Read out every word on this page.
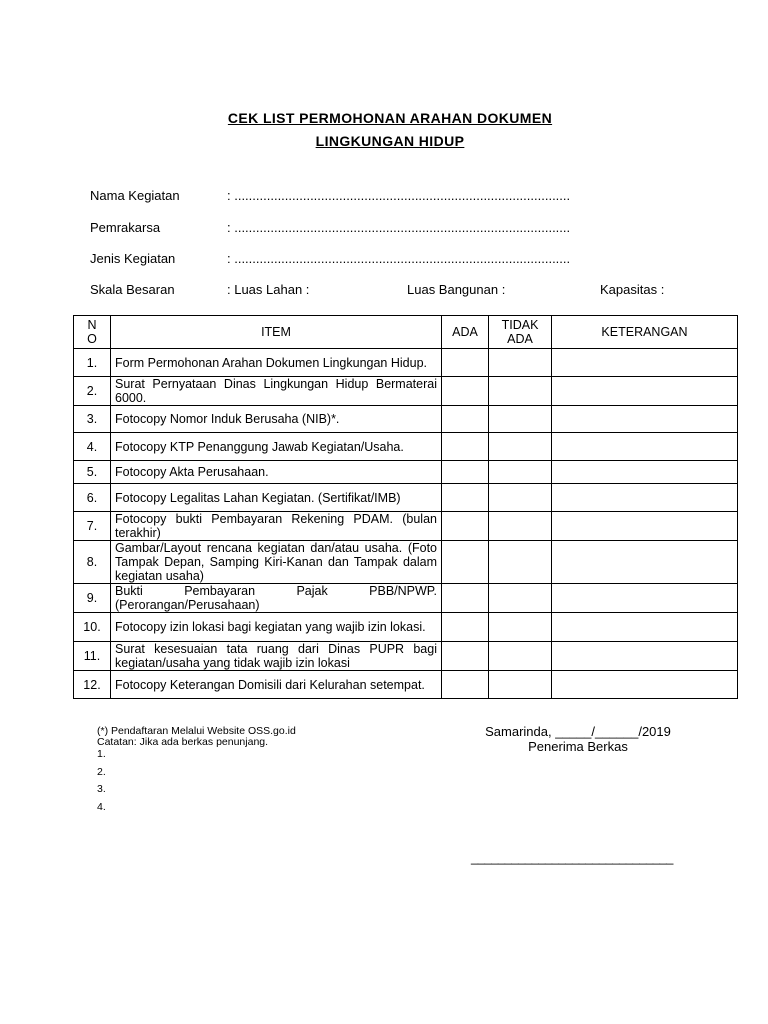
CEK LIST PERMOHONAN ARAHAN DOKUMEN

LINGKUNGAN HIDUP

Nama Kegiatan	: .............................................................................................
Pemrakarsa	: .............................................................................................
Jenis Kegiatan	: .............................................................................................
Skala Besaran	: Luas Lahan :	Luas Bangunan :	Kapasitas :
N O	ITEM	ADA	TIDAK ADA	KETERANGAN
1.	Form Permohonan Arahan Dokumen Lingkungan Hidup.			
2.	Surat Pernyataan Dinas Lingkungan Hidup Bermaterai 6000.			
3.	Fotocopy Nomor Induk Berusaha (NIB)*.			
4.	Fotocopy KTP Penanggung Jawab Kegiatan/Usaha.			
5.	Fotocopy Akta Perusahaan.			
6.	Fotocopy Legalitas Lahan Kegiatan. (Sertifikat/IMB)			
7.	Fotocopy bukti Pembayaran Rekening PDAM. (bulan terakhir)			
8.	Gambar/Layout rencana kegiatan dan/atau usaha. (Foto Tampak Depan, Samping Kiri-Kanan dan Tampak dalam kegiatan usaha)			
9.	Bukti Pembayaran Pajak PBB/NPWP. (Perorangan/Perusahaan)			
10.	Fotocopy izin lokasi bagi kegiatan yang wajib izin lokasi.			
11.	Surat kesesuaian tata ruang dari Dinas PUPR bagi kegiatan/usaha yang tidak wajib izin lokasi			
12.	Fotocopy Keterangan Domisili dari Kelurahan setempat.			
(*) Pendaftaran Melalui Website OSS.go.id
Catatan: Jika ada berkas penunjang.
1.
2.
3.
4.
Samarinda, _____/______/2019
Penerima Berkas
______________________________
